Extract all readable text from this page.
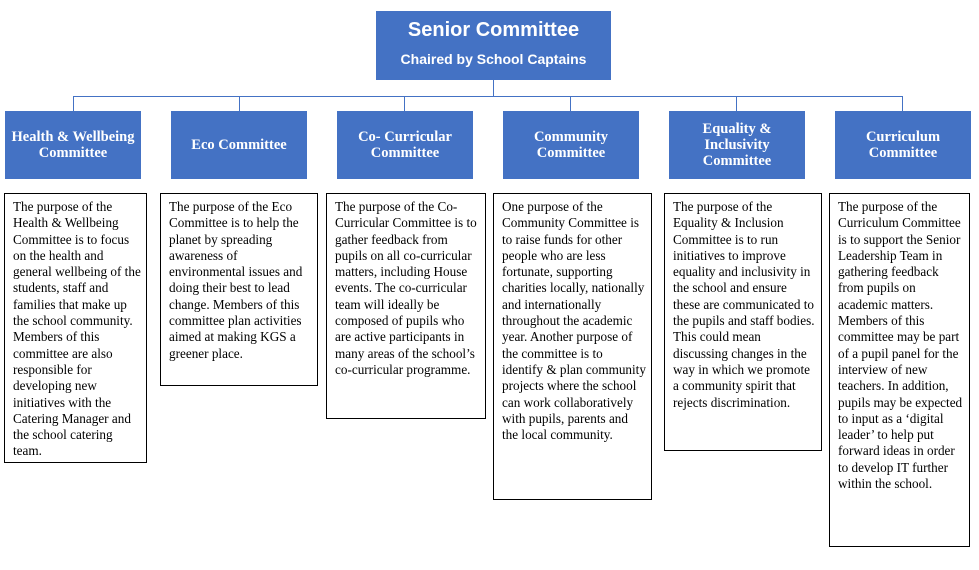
Senior Committee
Chaired by School Captains
Health & Wellbeing Committee	Eco Committee	Co- Curricular Committee
Community Committee
Equality & Inclusivity Committee
Curriculum Committee
The purpose of the Health & Wellbeing Committee is to focus on the health and general wellbeing of the students, staff and families that make up the school community. Members of this committee are also responsible for developing new initiatives with the Catering Manager and the school catering team.
The purpose of the Eco Committee is to help the planet by spreading awareness of environmental issues and doing their best to lead change. Members of this committee plan activities aimed at making KGS a greener place.
The purpose of the Co-Curricular Committee is to gather feedback from pupils on all co-curricular matters, including House events. The co-curricular team will ideally be composed of pupils who are active participants in many areas of the school’s co-curricular programme.
One purpose of the Community Committee is to raise funds for other people who are less fortunate, supporting charities locally, nationally and internationally throughout the academic year. Another purpose of the committee is to identify & plan community projects where the school can work collaboratively with pupils, parents and the local community.
The purpose of the Equality & Inclusion Committee is to run initiatives to improve equality and inclusivity in the school and ensure these are communicated to the pupils and staff bodies. This could mean discussing changes in the way in which we promote a community spirit that rejects discrimination.
The purpose of the Curriculum Committee is to support the Senior Leadership Team in gathering feedback from pupils on academic matters. Members of this committee may be part of a pupil panel for the interview of new teachers. In addition, pupils may be expected to input as a ‘digital leader’ to help put forward ideas in order to develop IT further within the school.
